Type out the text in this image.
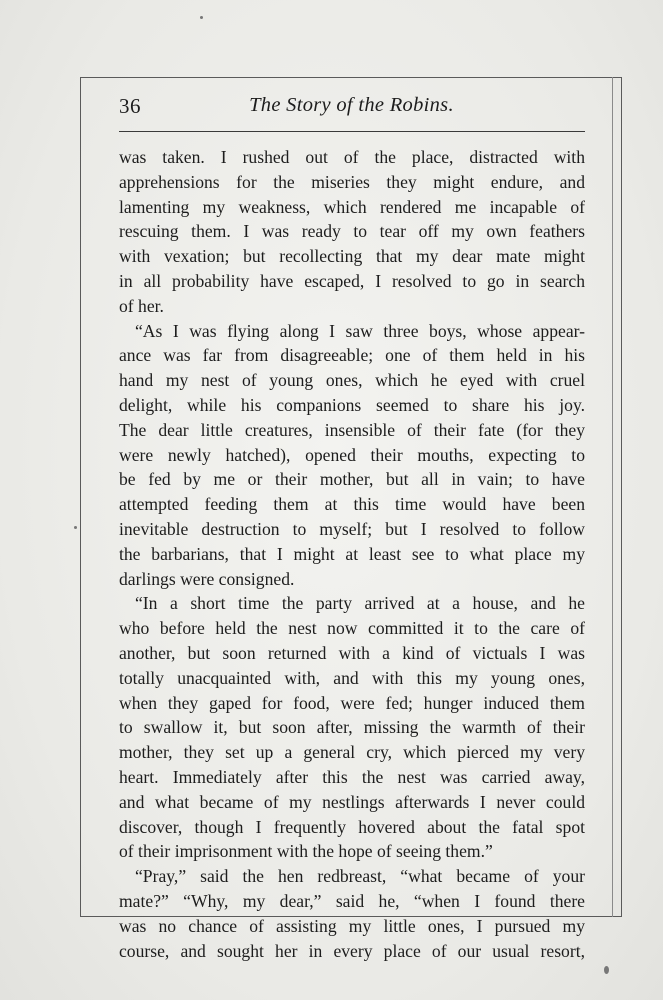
36	The Story of the Robins.
was taken. I rushed out of the place, distracted with
apprehensions for the miseries they might endure, and
lamenting my weakness, which rendered me incapable of
rescuing them. I was ready to tear off my own feathers
with vexation; but recollecting that my dear mate might
in all probability have escaped, I resolved to go in search
of her.
“As I was flying along I saw three boys, whose appear-
ance was far from disagreeable; one of them held in his
hand my nest of young ones, which he eyed with cruel
delight, while his companions seemed to share his joy.
The dear little creatures, insensible of their fate (for they
were newly hatched), opened their mouths, expecting to
be fed by me or their mother, but all in vain; to have
attempted feeding them at this time would have been
inevitable destruction to myself; but I resolved to follow
the barbarians, that I might at least see to what place my
darlings were consigned.
“In a short time the party arrived at a house, and he
who before held the nest now committed it to the care of
another, but soon returned with a kind of victuals I was
totally unacquainted with, and with this my young ones,
when they gaped for food, were fed; hunger induced them
to swallow it, but soon after, missing the warmth of their
mother, they set up a general cry, which pierced my very
heart. Immediately after this the nest was carried away,
and what became of my nestlings afterwards I never could
discover, though I frequently hovered about the fatal spot
of their imprisonment with the hope of seeing them.”
“Pray,” said the hen redbreast, “what became of your
mate?” “Why, my dear,” said he, “when I found there
was no chance of assisting my little ones, I pursued my
course, and sought her in every place of our usual resort,
